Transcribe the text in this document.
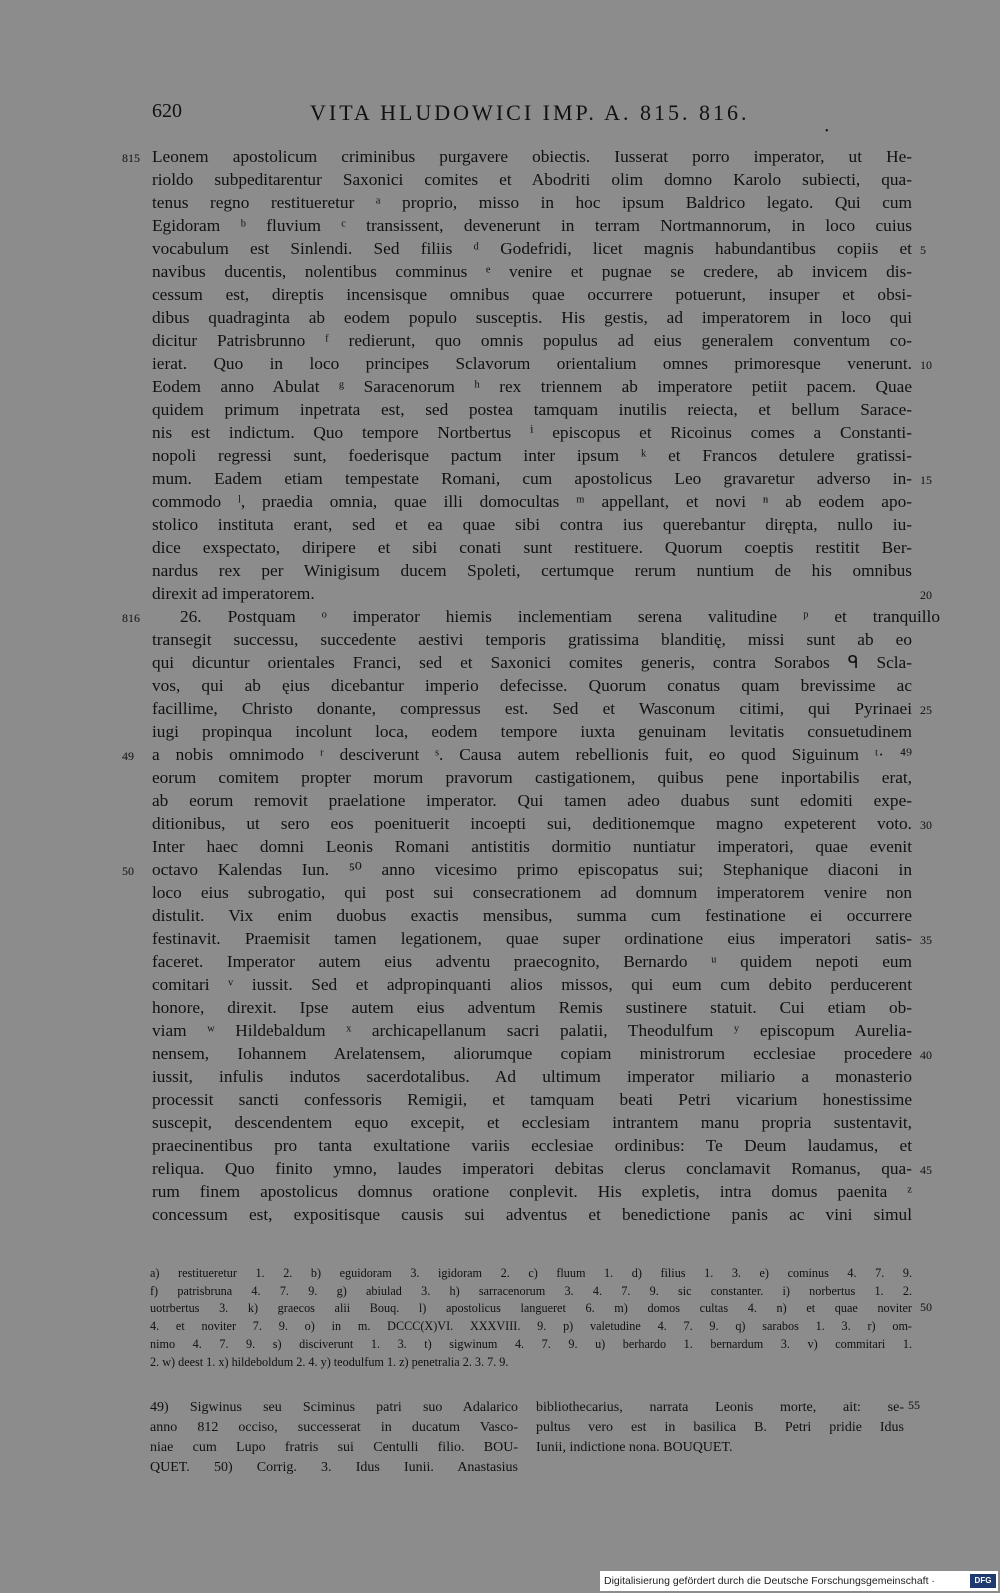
620	VITA HLUDOWICI IMP. A. 815. 816.
•
Leonem apostolicum criminibus purgavere obiectis. Iusserat porro imperator, ut He-
815
rioldo subpeditarentur Saxonici comites et Abodriti olim domno Karolo subiecti, qua-
tenus regno restitueretur ᵃ proprio, misso in hoc ipsum Baldrico legato. Qui cum
Egidoram ᵇ fluvium ᶜ transissent, devenerunt in terram Nortmannorum, in loco cuius
vocabulum est Sinlendi. Sed filiis ᵈ Godefridi, licet magnis habundantibus copiis et 5
navibus ducentis, nolentibus comminus ᵉ venire et pugnae se credere, ab invicem dis-
cessum est, direptis incensisque omnibus quae occurrere potuerunt, insuper et obsi-
dibus quadraginta ab eodem populo susceptis. His gestis, ad imperatorem in loco qui
dicitur Patrisbrunno ᶠ redierunt, quo omnis populus ad eius generalem conventum co-
ierat. Quo in loco principes Sclavorum orientalium omnes primoresque venerunt. 10
Eodem anno Abulat ᵍ Saracenorum ʰ rex triennem ab imperatore petiit pacem. Quae
quidem primum inpetrata est, sed postea tamquam inutilis reiecta, et bellum Sarace-
nis est indictum. Quo tempore Nortbertus ⁱ episcopus et Ricoinus comes a Constanti-
nopoli regressi sunt, foederisque pactum inter ipsum ᵏ et Francos detulere gratissi-
mum. Eadem etiam tempestate Romani, cum apostolicus Leo gravaretur adverso in- 15
commodo ˡ, praedia omnia, quae illi domocultas ᵐ appellant, et novi ⁿ ab eodem apo-
stolico instituta erant, sed et ea quae sibi contra ius querebantur dirępta, nullo iu-
dice exspectato, diripere et sibi conati sunt restituere. Quorum coeptis restitit Ber-
nardus rex per Winigisum ducem Spoleti, certumque rerum nuntium de his omnibus
direxit ad imperatorem.	20
26. Postquam ᵒ imperator hiemis inclementiam serena valitudine ᵖ et tranquillo
816
transegit successu, succedente aestivi temporis gratissima blanditię, missi sunt ab eo
qui dicuntur orientales Franci, sed et Saxonici comites generis, contra Sorabos ᑫ Scla-
vos, qui ab ęius dicebantur imperio defecisse. Quorum conatus quam brevissime ac
facillime, Christo donante, compressus est. Sed et Wasconum citimi, qui Pyrinaei 25
iugi propinqua incolunt loca, eodem tempore iuxta genuinam levitatis consuetudinem
a nobis omnimodo ʳ desciverunt ˢ. Causa autem rebellionis fuit, eo quod Siguinum ᵗ· ⁴⁹
49
eorum comitem propter morum pravorum castigationem, quibus pene inportabilis erat,
ab eorum removit praelatione imperator. Qui tamen adeo duabus sunt edomiti expe-
ditionibus, ut sero eos poenituerit incoepti sui, deditionemque magno expeterent voto. 30
Inter haec domni Leonis Romani antistitis dormitio nuntiatur imperatori, quae evenit
octavo Kalendas Iun. ⁵⁰ anno vicesimo primo episcopatus sui; Stephanique diaconi in
50
loco eius subrogatio, qui post sui consecrationem ad domnum imperatorem venire non
distulit. Vix enim duobus exactis mensibus, summa cum festinatione ei occurrere
festinavit. Praemisit tamen legationem, quae super ordinatione eius imperatori satis- 35
faceret. Imperator autem eius adventu praecognito, Bernardo ᵘ quidem nepoti eum
comitari ᵛ iussit. Sed et adpropinquanti alios missos, qui eum cum debito perducerent
honore, direxit. Ipse autem eius adventum Remis sustinere statuit. Cui etiam ob-
viam ʷ Hildebaldum ˣ archicapellanum sacri palatii, Theodulfum ʸ episcopum Aurelia-
nensem, Iohannem Arelatensem, aliorumque copiam ministrorum ecclesiae procedere 40
iussit, infulis indutos sacerdotalibus. Ad ultimum imperator miliario a monasterio
processit sancti confessoris Remigii, et tamquam beati Petri vicarium honestissime
suscepit, descendentem equo excepit, et ecclesiam intrantem manu propria sustentavit,
praecinentibus pro tanta exultatione variis ecclesiae ordinibus: Te Deum laudamus, et
reliqua. Quo finito ymno, laudes imperatori debitas clerus conclamavit Romanus, qua- 45
rum finem apostolicus domnus oratione conplevit. His expletis, intra domus paenita ᶻ
concessum est, expositisque causis sui adventus et benedictione panis ac vini simul
a) restitueretur 1. 2. b) eguidoram 3. igidoram 2. c) fluum 1. d) filius 1. 3. e) cominus 4. 7. 9.
f) patrisbruna 4. 7. 9. g) abiulad 3. h) sarracenorum 3. 4. 7. 9. sic constanter. i) norbertus 1. 2.
uotrbertus 3. k) graecos alii Bouq. l) apostolicus langueret 6. m) domos cultas 4. n) et quae noviter 50
4. et noviter 7. 9. o) in m. DCCC(X)VI. XXXVIII. 9. p) valetudine 4. 7. 9. q) sarabos 1. 3. r) om-
nimo 4. 7. 9. s) disciverunt 1. 3. t) sigwinum 4. 7. 9. u) berhardo 1. bernardum 3. v) commitari 1.
2. w) deest 1. x) hildeboldum 2. 4. y) teodulfum 1. z) penetralia 2. 3. 7. 9.
49) Sigwinus seu Sciminus patri suo Adalarico
anno 812 occiso, successerat in ducatum Vasco-
niae cum Lupo fratris sui Centulli filio. BOU-
QUET. 50) Corrig. 3. Idus Iunii. Anastasius
bibliothecarius, narrata Leonis morte, ait: se-
pultus vero est in basilica B. Petri pridie Idus
Iunii, indictione nona. BOUQUET.
55
Digitalisierung gefördert durch die Deutsche Forschungsgemeinschaft ·	DFG
